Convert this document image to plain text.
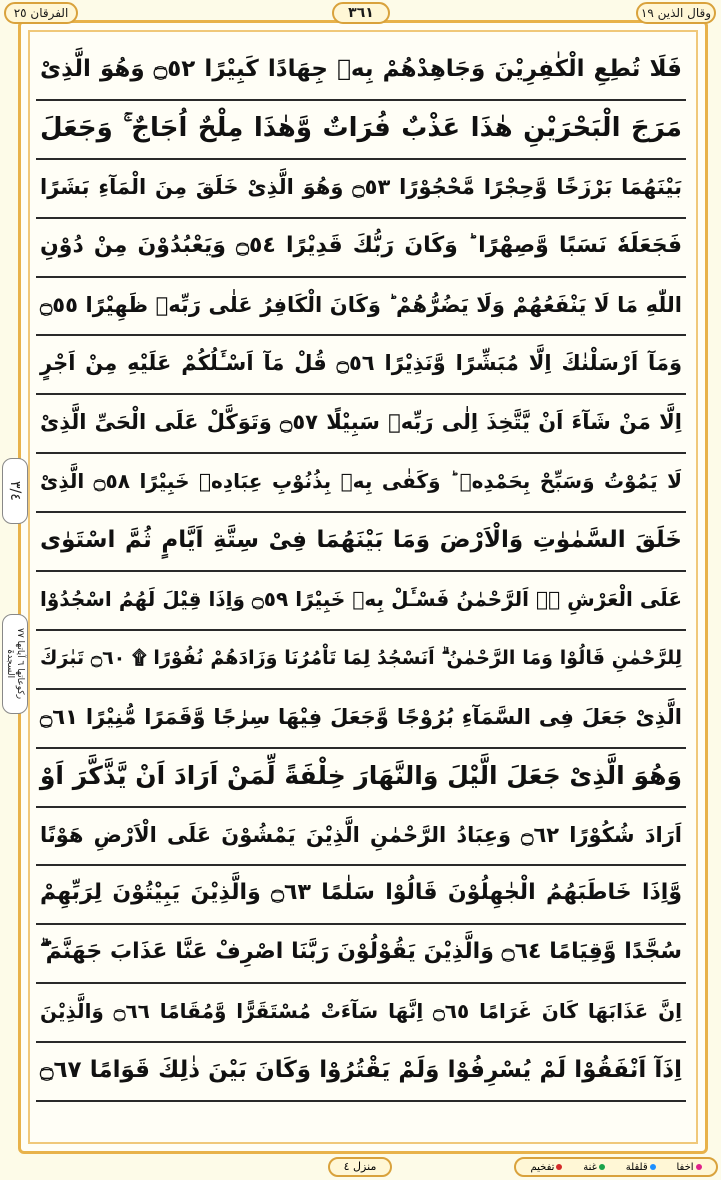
الفرقان ٢٥	٣٦١	وقال الذين ١٩
٣/٤
ركوعاتها ٦ آياتها ٧٧ السجدۃ
فَلَا تُطِعِ الْكٰفِرِیْنَ وَجَاهِدْهُمْ بِهٖ جِهَادًا كَبِیْرًا ۝٥٢ وَهُوَ الَّذِیْ
مَرَجَ الْبَحْرَیْنِ هٰذَا عَذْبٌ فُرَاتٌ وَّهٰذَا مِلْحٌ اُجَاجٌ ۚ وَجَعَلَ
بَیْنَهُمَا بَرْزَخًا وَّحِجْرًا مَّحْجُوْرًا ۝٥٣ وَهُوَ الَّذِیْ خَلَقَ مِنَ الْمَآءِ بَشَرًا
فَجَعَلَهٗ نَسَبًا وَّصِهْرًا ؕ وَكَانَ رَبُّكَ قَدِیْرًا ۝٥٤ وَیَعْبُدُوْنَ مِنْ دُوْنِ
اللّٰهِ مَا لَا یَنْفَعُهُمْ وَلَا یَضُرُّهُمْ ؕ وَكَانَ الْكَافِرُ عَلٰی رَبِّهٖ ظَهِیْرًا ۝٥٥
وَمَآ اَرْسَلْنٰكَ اِلَّا مُبَشِّرًا وَّنَذِیْرًا ۝٥٦ قُلْ مَآ اَسْـَٔلُكُمْ عَلَیْهِ مِنْ اَجْرٍ
اِلَّا مَنْ شَآءَ اَنْ یَّتَّخِذَ اِلٰی رَبِّهٖ سَبِیْلًا ۝٥٧ وَتَوَكَّلْ عَلَی الْحَیِّ الَّذِیْ
لَا یَمُوْتُ وَسَبِّحْ بِحَمْدِهٖ ؕ وَكَفٰی بِهٖ بِذُنُوْبِ عِبَادِهٖ خَبِیْرًا ۝٥٨ الَّذِیْ
خَلَقَ السَّمٰوٰتِ وَالْاَرْضَ وَمَا بَیْنَهُمَا فِیْ سِتَّةِ اَیَّامٍ ثُمَّ اسْتَوٰی
عَلَی الْعَرْشِ ۛۚ اَلرَّحْمٰنُ فَسْـَٔلْ بِهٖ خَبِیْرًا ۝٥٩ وَاِذَا قِیْلَ لَهُمُ اسْجُدُوْا
لِلرَّحْمٰنِ قَالُوْا وَمَا الرَّحْمٰنُ ۗ اَنَسْجُدُ لِمَا تَاْمُرُنَا وَزَادَهُمْ نُفُوْرًا ۩ ۝٦٠ تَبٰرَكَ
الَّذِیْ جَعَلَ فِی السَّمَآءِ بُرُوْجًا وَّجَعَلَ فِیْهَا سِرٰجًا وَّقَمَرًا مُّنِیْرًا ۝٦١
وَهُوَ الَّذِیْ جَعَلَ الَّیْلَ وَالنَّهَارَ خِلْفَةً لِّمَنْ اَرَادَ اَنْ یَّذَّكَّرَ اَوْ
اَرَادَ شُكُوْرًا ۝٦٢ وَعِبَادُ الرَّحْمٰنِ الَّذِیْنَ یَمْشُوْنَ عَلَی الْاَرْضِ هَوْنًا
وَّاِذَا خَاطَبَهُمُ الْجٰهِلُوْنَ قَالُوْا سَلٰمًا ۝٦٣ وَالَّذِیْنَ یَبِیْتُوْنَ لِرَبِّهِمْ
سُجَّدًا وَّقِیَامًا ۝٦٤ وَالَّذِیْنَ یَقُوْلُوْنَ رَبَّنَا اصْرِفْ عَنَّا عَذَابَ جَهَنَّمَ ۖۗ
اِنَّ عَذَابَهَا كَانَ غَرَامًا ۝٦٥ اِنَّهَا سَآءَتْ مُسْتَقَرًّا وَّمُقَامًا ۝٦٦ وَالَّذِیْنَ
اِذَآ اَنْفَقُوْا لَمْ یُسْرِفُوْا وَلَمْ یَقْتُرُوْا وَكَانَ بَیْنَ ذٰلِكَ قَوَامًا ۝٦٧
منزل ٤	اخفا
قلقلة
غنة
تفخیم
